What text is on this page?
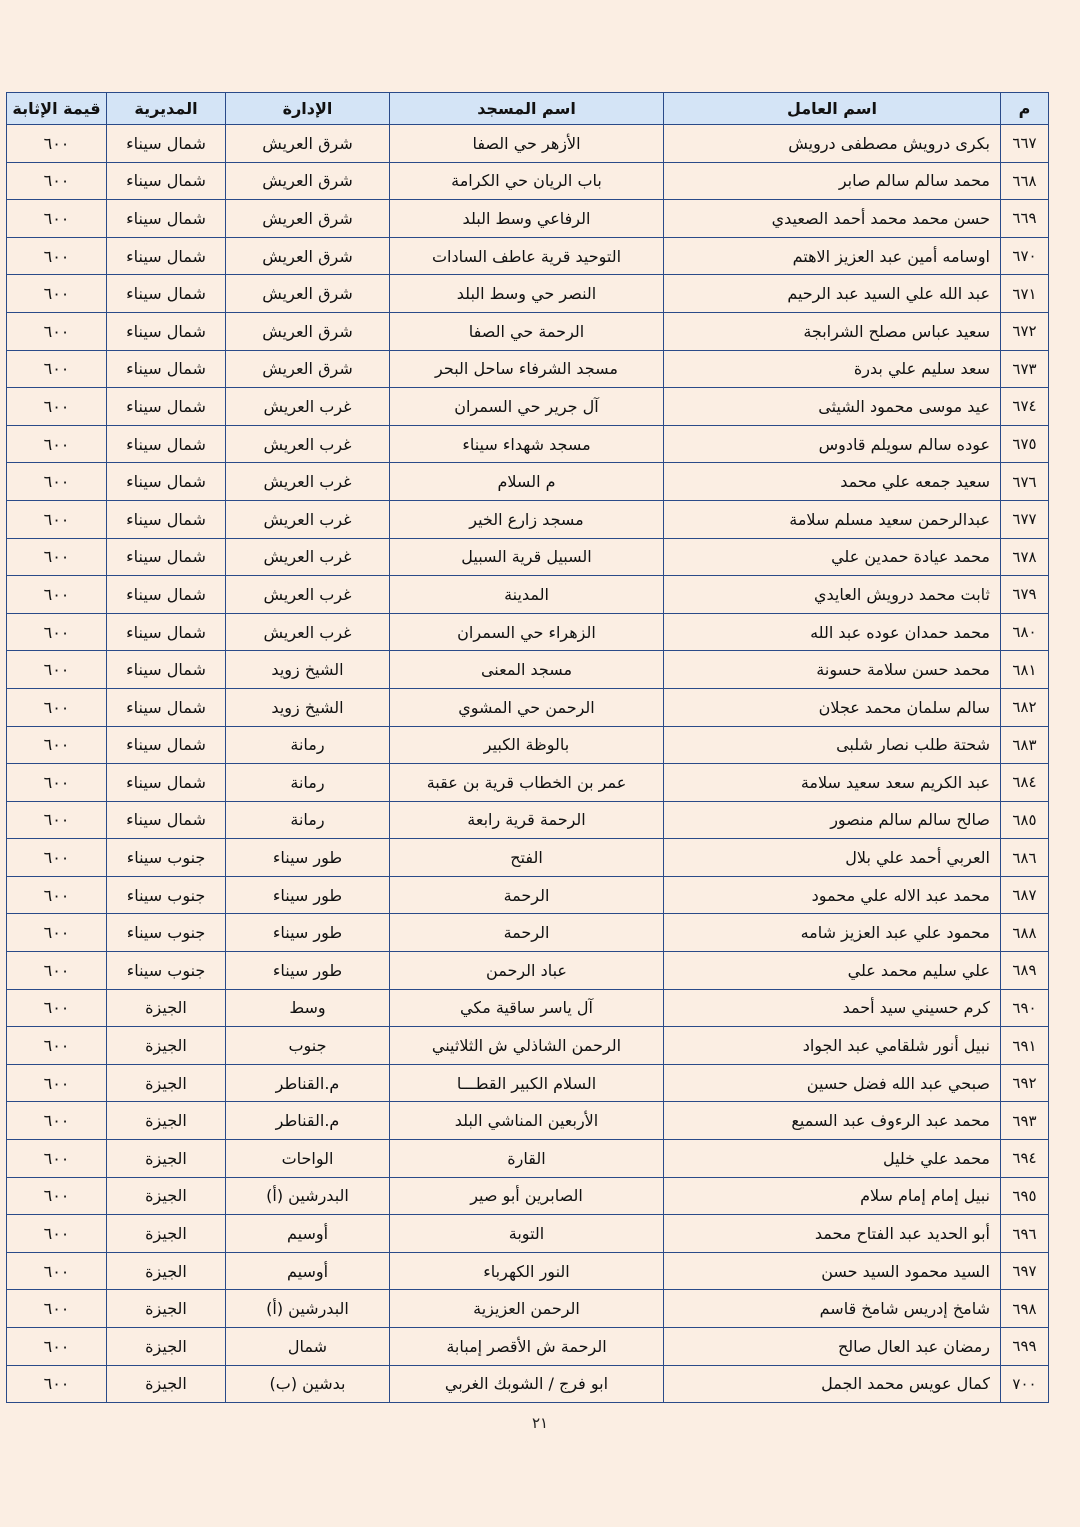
م	اسم العامل	اسم المسجد	الإدارة	المديرية	قيمة الإثابة
٦٦٧	بكرى درويش مصطفى درويش	الأزهر حي الصفا	شرق العريش	شمال سيناء	٦٠٠
٦٦٨	محمد سالم سالم صابر	باب الريان حي الكرامة	شرق العريش	شمال سيناء	٦٠٠
٦٦٩	حسن محمد محمد أحمد الصعيدي	الرفاعي وسط البلد	شرق العريش	شمال سيناء	٦٠٠
٦٧٠	اوسامه أمين عبد العزيز الاهتم	التوحيد قرية عاطف السادات	شرق العريش	شمال سيناء	٦٠٠
٦٧١	عبد الله علي السيد عبد الرحيم	النصر حي وسط البلد	شرق العريش	شمال سيناء	٦٠٠
٦٧٢	سعيد عباس مصلح الشرابجة	الرحمة حي الصفا	شرق العريش	شمال سيناء	٦٠٠
٦٧٣	سعد سليم علي بدرة	مسجد الشرفاء ساحل البحر	شرق العريش	شمال سيناء	٦٠٠
٦٧٤	عيد موسى محمود الشيثى	آل جرير حي السمران	غرب العريش	شمال سيناء	٦٠٠
٦٧٥	عوده سالم سويلم قادوس	مسجد شهداء سيناء	غرب العريش	شمال سيناء	٦٠٠
٦٧٦	سعيد جمعه علي محمد	م السلام	غرب العريش	شمال سيناء	٦٠٠
٦٧٧	عبدالرحمن سعيد مسلم سلامة	مسجد زارع الخير	غرب العريش	شمال سيناء	٦٠٠
٦٧٨	محمد عيادة حمدين علي	السبيل قرية السبيل	غرب العريش	شمال سيناء	٦٠٠
٦٧٩	ثابت محمد درويش العايدي	المدينة	غرب العريش	شمال سيناء	٦٠٠
٦٨٠	محمد حمدان عوده عبد الله	الزهراء حي السمران	غرب العريش	شمال سيناء	٦٠٠
٦٨١	محمد حسن سلامة حسونة	مسجد المعنى	الشيخ زويد	شمال سيناء	٦٠٠
٦٨٢	سالم سلمان محمد عجلان	الرحمن حي المشوي	الشيخ زويد	شمال سيناء	٦٠٠
٦٨٣	شحتة طلب نصار شلبى	بالوظة الكبير	رمانة	شمال سيناء	٦٠٠
٦٨٤	عبد الكريم سعد سعيد سلامة	عمر بن الخطاب قرية بن عقبة	رمانة	شمال سيناء	٦٠٠
٦٨٥	صالح سالم سالم منصور	الرحمة قرية رابعة	رمانة	شمال سيناء	٦٠٠
٦٨٦	العربي أحمد علي بلال	الفتح	طور سيناء	جنوب سيناء	٦٠٠
٦٨٧	محمد عبد الاله علي محمود	الرحمة	طور سيناء	جنوب سيناء	٦٠٠
٦٨٨	محمود علي عبد العزيز شامه	الرحمة	طور سيناء	جنوب سيناء	٦٠٠
٦٨٩	علي سليم محمد علي	عباد الرحمن	طور سيناء	جنوب سيناء	٦٠٠
٦٩٠	كرم حسيني سيد أحمد	آل ياسر ساقية مكي	وسط	الجيزة	٦٠٠
٦٩١	نبيل أنور شلقامي عبد الجواد	الرحمن الشاذلي ش الثلاثيني	جنوب	الجيزة	٦٠٠
٦٩٢	صبحي عبد الله فضل حسين	السلام الكبير القطـــا	م.القناطر	الجيزة	٦٠٠
٦٩٣	محمد عبد الرءوف عبد السميع	الأربعين المناشي البلد	م.القناطر	الجيزة	٦٠٠
٦٩٤	محمد علي خليل	القارة	الواحات	الجيزة	٦٠٠
٦٩٥	نبيل إمام إمام سلام	الصابرين أبو صير	البدرشين (أ)	الجيزة	٦٠٠
٦٩٦	أبو الحديد عبد الفتاح محمد	التوبة	أوسيم	الجيزة	٦٠٠
٦٩٧	السيد محمود السيد حسن	النور الكهرباء	أوسيم	الجيزة	٦٠٠
٦٩٨	شامخ إدريس شامخ قاسم	الرحمن العزيزية	البدرشين (أ)	الجيزة	٦٠٠
٦٩٩	رمضان عبد العال صالح	الرحمة ش الأقصر إمبابة	شمال	الجيزة	٦٠٠
٧٠٠	كمال عويس محمد الجمل	ابو فرج / الشوبك الغربي	بدشين (ب)	الجيزة	٦٠٠
٢١
